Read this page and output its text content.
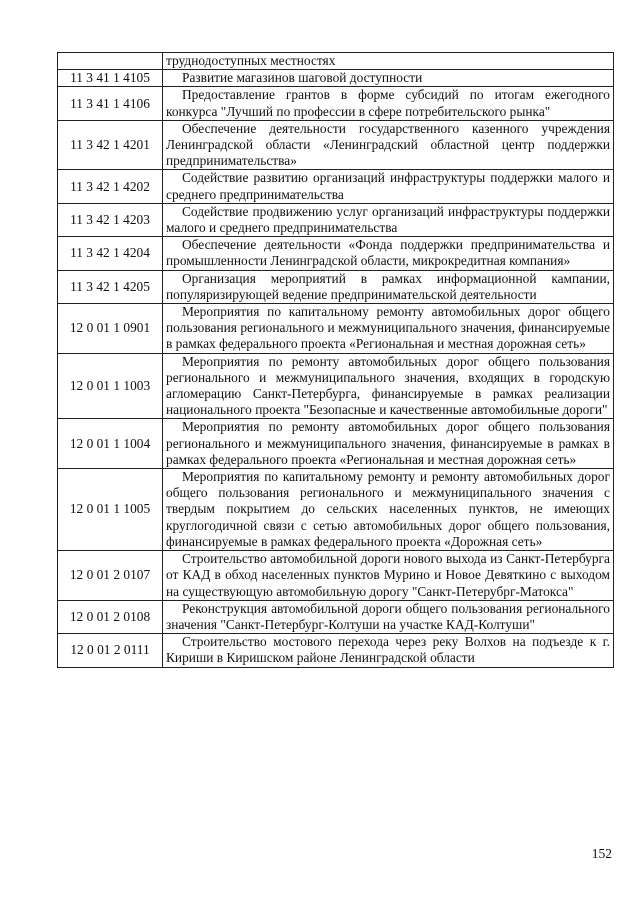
	труднодоступных местностях
11 3 41 1 4105	Развитие магазинов шаговой доступности
11 3 41 1 4106	Предоставление грантов в форме субсидий по итогам ежегодного конкурса "Лучший по профессии в сфере потребительского рынка"
11 3 42 1 4201	Обеспечение деятельности государственного казенного учреждения Ленинградской области «Ленинградский областной центр поддержки предпринимательства»
11 3 42 1 4202	Содействие развитию организаций инфраструктуры поддержки малого и среднего предпринимательства
11 3 42 1 4203	Содействие продвижению услуг организаций инфраструктуры поддержки малого и среднего предпринимательства
11 3 42 1 4204	Обеспечение деятельности «Фонда поддержки предпринимательства и промышленности Ленинградской области, микрокредитная компания»
11 3 42 1 4205	Организация мероприятий в рамках информационной кампании, популяризирующей ведение предпринимательской деятельности
12 0 01 1 0901	Мероприятия по капитальному ремонту автомобильных дорог общего пользования регионального и межмуниципального значения, финансируемые в рамках федерального проекта «Региональная и местная дорожная сеть»
12 0 01 1 1003	Мероприятия по ремонту автомобильных дорог общего пользования регионального и межмуниципального значения, входящих в городскую агломерацию Санкт-Петербурга, финансируемые в рамках реализации национального проекта "Безопасные и качественные автомобильные дороги"
12 0 01 1 1004	Мероприятия по ремонту автомобильных дорог общего пользования регионального и межмуниципального значения, финансируемые в рамках в рамках федерального проекта «Региональная и местная дорожная сеть»
12 0 01 1 1005	Мероприятия по капитальному ремонту и ремонту автомобильных дорог общего пользования регионального и межмуниципального значения с твердым покрытием до сельских населенных пунктов, не имеющих круглогодичной связи с сетью автомобильных дорог общего пользования, финансируемые в рамках федерального проекта «Дорожная сеть»
12 0 01 2 0107	Строительство автомобильной дороги нового выхода из Санкт-Петербурга от КАД в обход населенных пунктов Мурино и Новое Девяткино с выходом на существующую автомобильную дорогу "Санкт-Петерубрг-Матокса"
12 0 01 2 0108	Реконструкция автомобильной дороги общего пользования регионального значения "Санкт-Петербург-Колтуши на участке КАД-Колтуши"
12 0 01 2 0111	Строительство мостового перехода через реку Волхов на подъезде к г. Кириши в Киришском районе Ленинградской области
152
